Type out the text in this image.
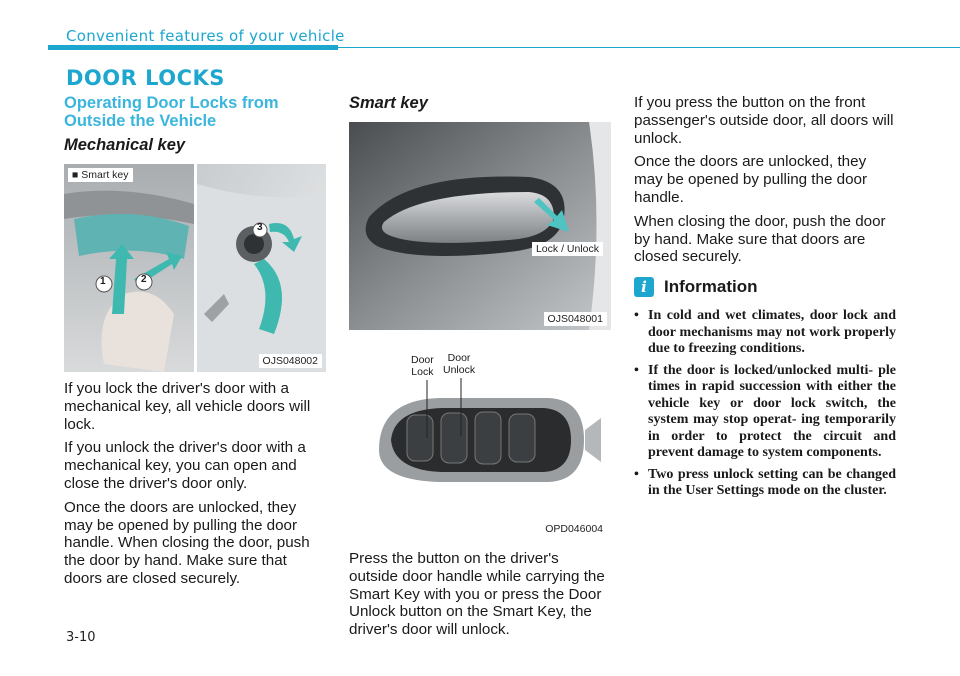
Convenient features of your vehicle
DOOR LOCKS
Operating Door Locks from Outside the Vehicle
Mechanical key
■ Smart key
1	2
3
OJS048002

If you lock the driver's door with a mechanical key, all vehicle doors will lock.

If you unlock the driver's door with a mechanical key, you can open and close the driver's door only.

Once the doors are unlocked, they may be opened by pulling the door handle. When closing the door, push the door by hand. Make sure that doors are closed securely.

Smart key
Lock / Unlock
OJS048001
Door
Lock
Door
Unlock
OPD046004

Press the button on the driver's outside door handle while carrying the Smart Key with you or press the Door Unlock button on the Smart Key, the driver's door will unlock.

If you press the button on the front passenger's outside door, all doors will unlock.

Once the doors are unlocked, they may be opened by pulling the door handle.

When closing the door, push the door by hand. Make sure that doors are closed securely.

i	Information
• In cold and wet climates, door lock and door mechanisms may not work properly due to freezing conditions.
• If the door is locked/unlocked multi- ple times in rapid succession with either the vehicle key or door lock switch, the system may stop operat- ing temporarily in order to protect the circuit and prevent damage to system components.
• Two press unlock setting can be changed in the User Settings mode on the cluster.
3-10
